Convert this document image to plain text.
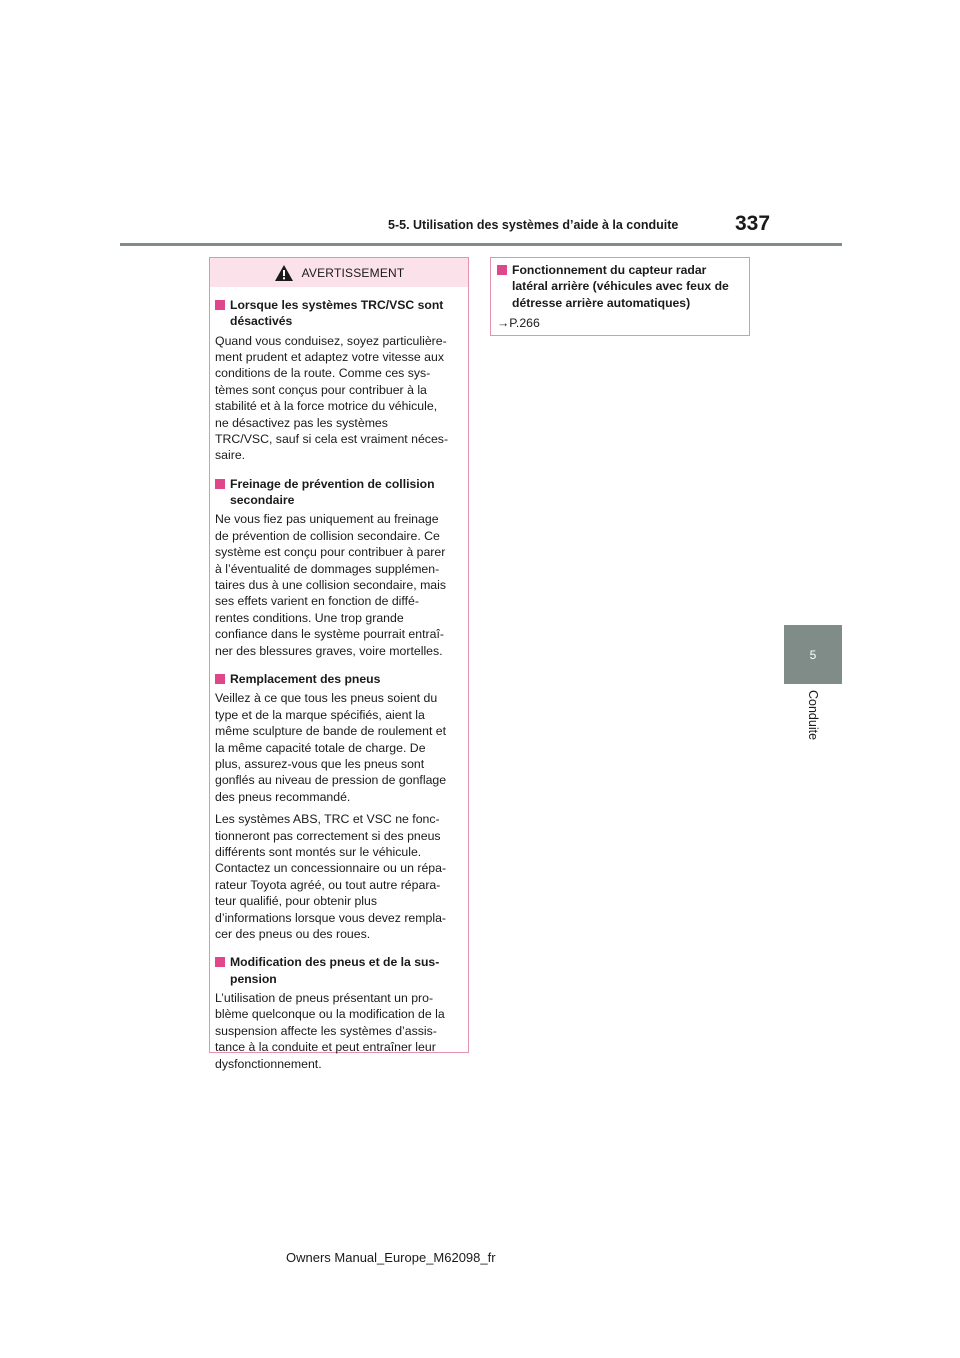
5-5. Utilisation des systèmes d’aide à la conduite	337
5
Conduite
AVERTISSEMENT
Lorsque les systèmes TRC/VSC sont
désactivés

Quand vous conduisez, soyez particulière-
ment prudent et adaptez votre vitesse aux
conditions de la route. Comme ces sys-
tèmes sont conçus pour contribuer à la
stabilité et à la force motrice du véhicule,
ne désactivez pas les systèmes
TRC/VSC, sauf si cela est vraiment néces-
saire.

Freinage de prévention de collision
secondaire

Ne vous fiez pas uniquement au freinage
de prévention de collision secondaire. Ce
système est conçu pour contribuer à parer
à l’éventualité de dommages supplémen-
taires dus à une collision secondaire, mais
ses effets varient en fonction de diffé-
rentes conditions. Une trop grande
confiance dans le système pourrait entraî-
ner des blessures graves, voire mortelles.

Remplacement des pneus

Veillez à ce que tous les pneus soient du
type et de la marque spécifiés, aient la
même sculpture de bande de roulement et
la même capacité totale de charge. De
plus, assurez-vous que les pneus sont
gonflés au niveau de pression de gonflage
des pneus recommandé.

Les systèmes ABS, TRC et VSC ne fonc-
tionneront pas correctement si des pneus
différents sont montés sur le véhicule.
Contactez un concessionnaire ou un répa-
rateur Toyota agréé, ou tout autre répara-
teur qualifié, pour obtenir plus
d’informations lorsque vous devez rempla-
cer des pneus ou des roues.

Modification des pneus et de la sus-
pension

L’utilisation de pneus présentant un pro-
blème quelconque ou la modification de la
suspension affecte les systèmes d’assis-
tance à la conduite et peut entraîner leur
dysfonctionnement.

Fonctionnement du capteur radar
latéral arrière (véhicules avec feux de
détresse arrière automatiques)
→P.266
Owners Manual_Europe_M62098_fr
